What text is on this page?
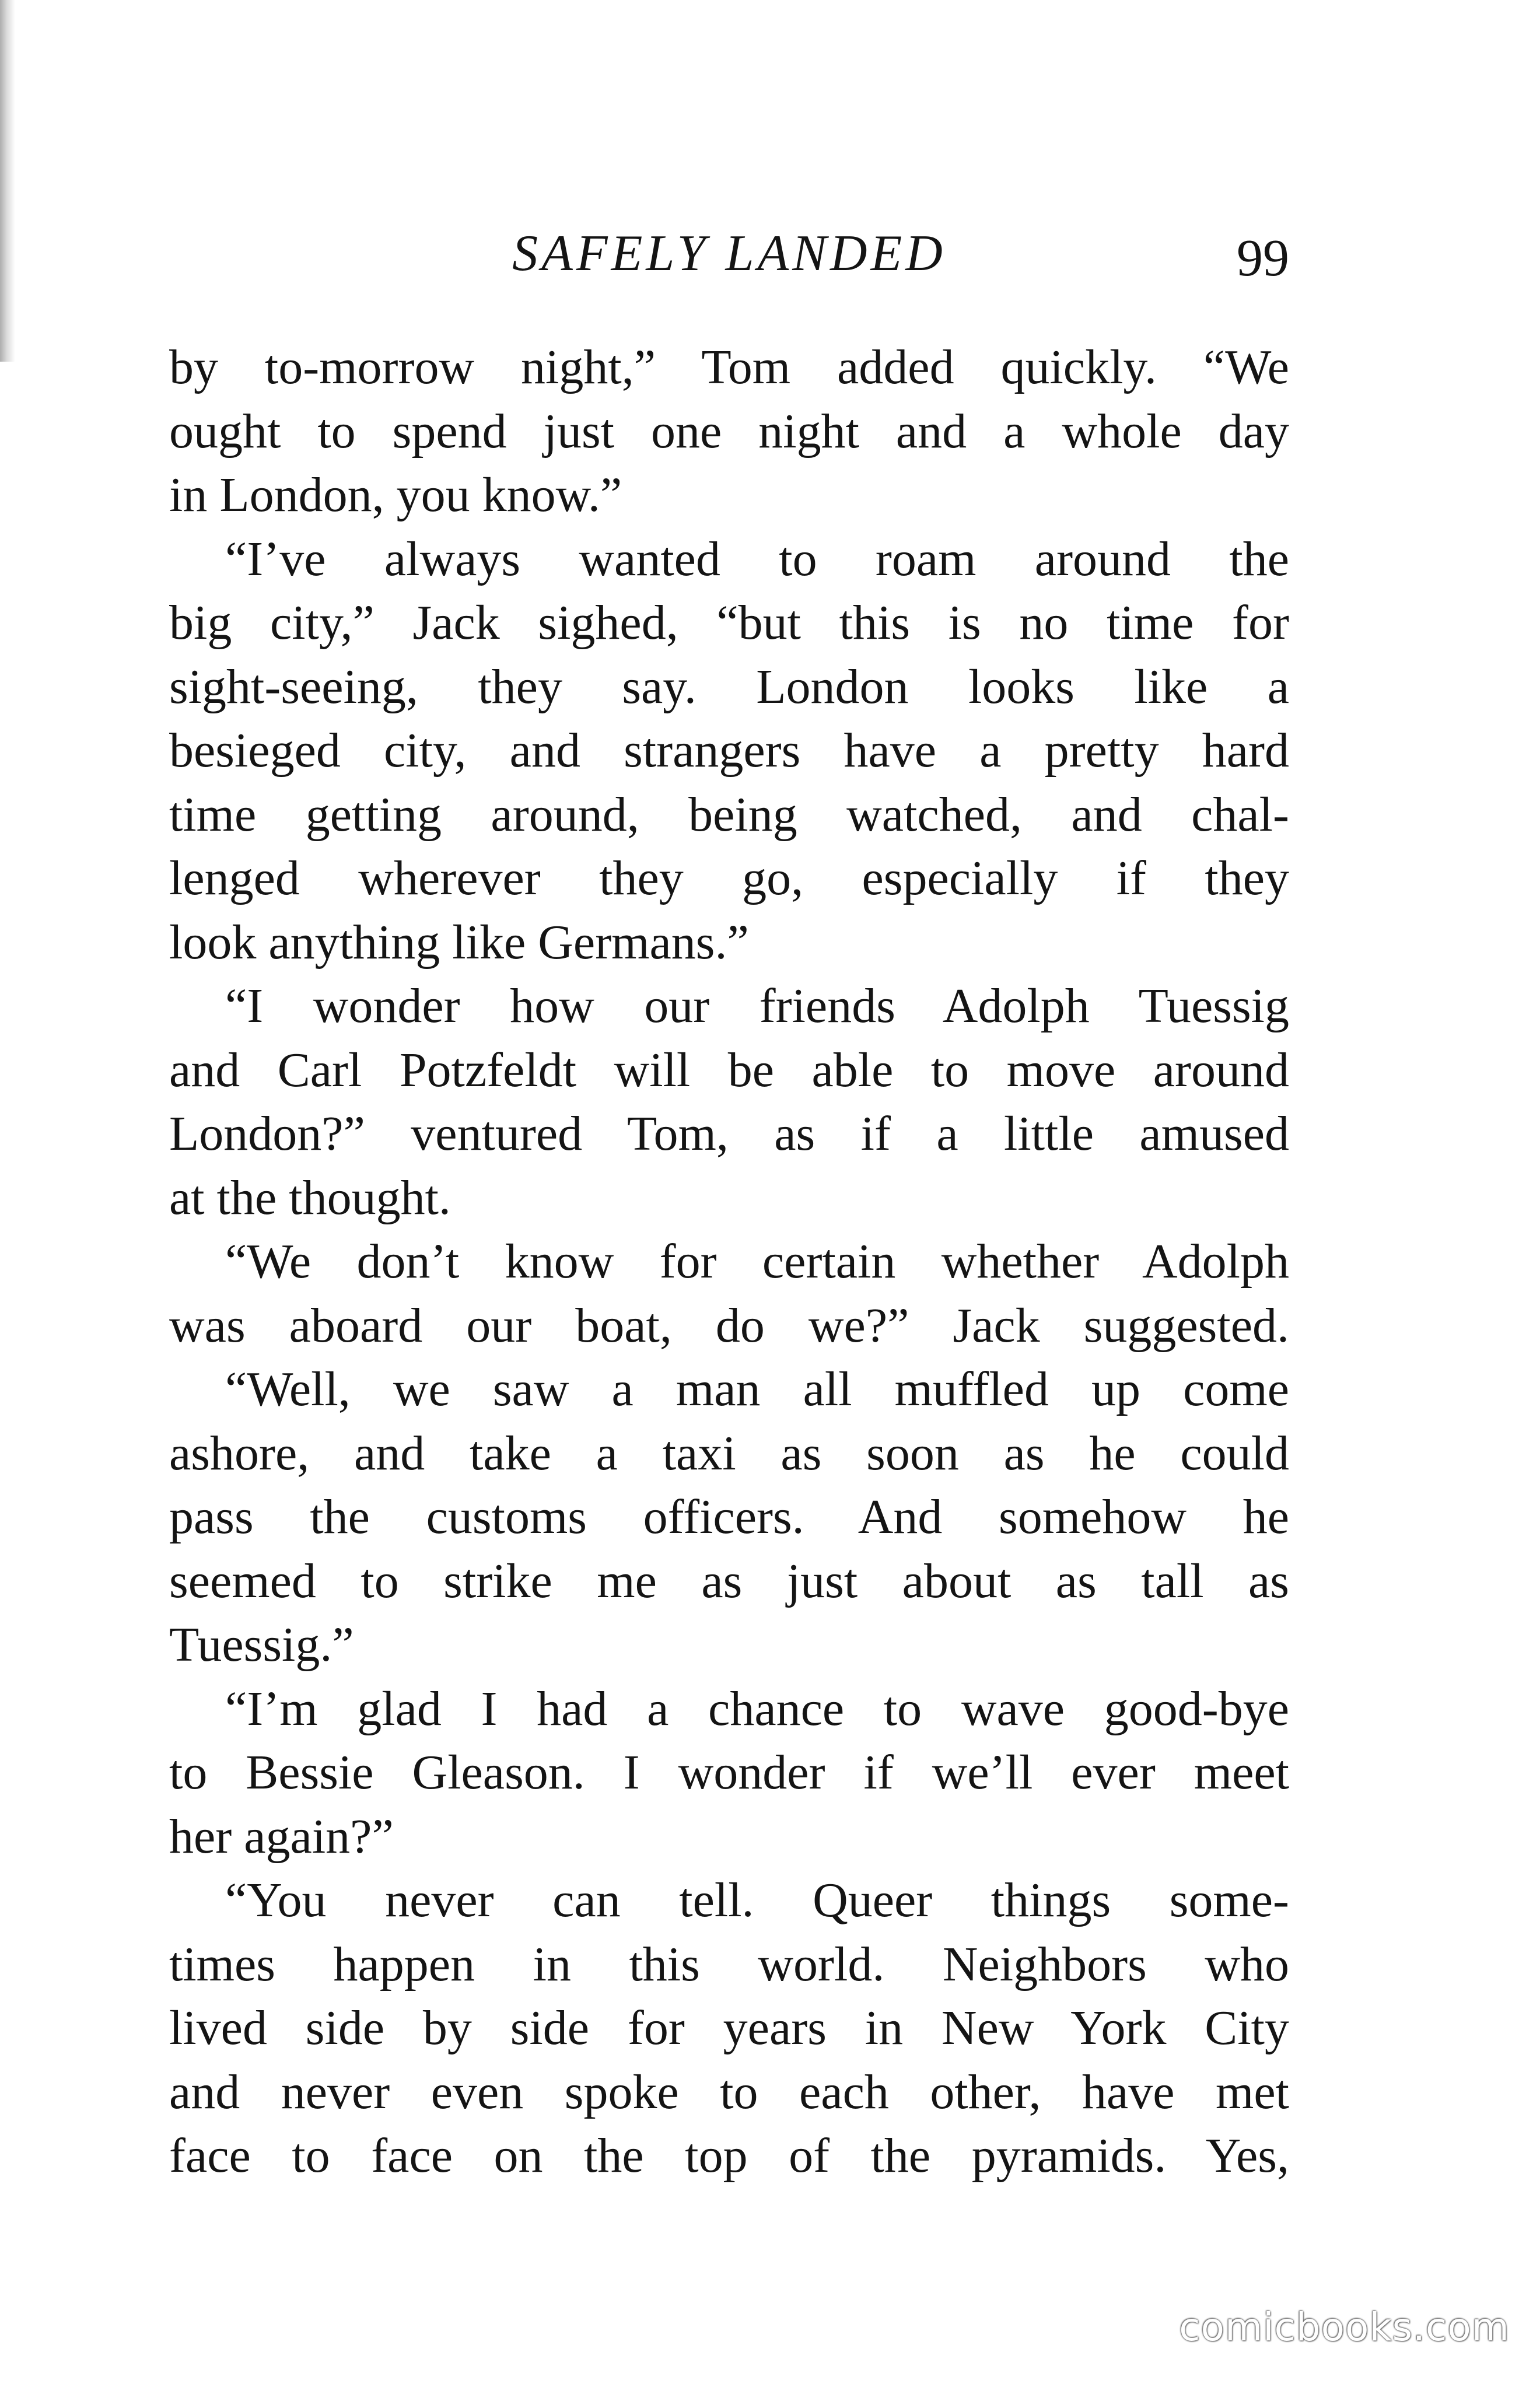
SAFELY LANDED	99
by to-morrow night,” Tom added quickly. “We
ought to spend just one night and a whole day
in London, you know.”
“I’ve always wanted to roam around the
big city,” Jack sighed, “but this is no time for
sight-seeing, they say. London looks like a
besieged city, and strangers have a pretty hard
time getting around, being watched, and chal-
lenged wherever they go, especially if they
look anything like Germans.”
“I wonder how our friends Adolph Tuessig
and Carl Potzfeldt will be able to move around
London?” ventured Tom, as if a little amused
at the thought.
“We don’t know for certain whether Adolph
was aboard our boat, do we?” Jack suggested.
“Well, we saw a man all muffled up come
ashore, and take a taxi as soon as he could
pass the customs officers. And somehow he
seemed to strike me as just about as tall as
Tuessig.”
“I’m glad I had a chance to wave good-bye
to Bessie Gleason. I wonder if we’ll ever meet
her again?”
“You never can tell. Queer things some-
times happen in this world. Neighbors who
lived side by side for years in New York City
and never even spoke to each other, have met
face to face on the top of the pyramids. Yes,
comicbooks.com
